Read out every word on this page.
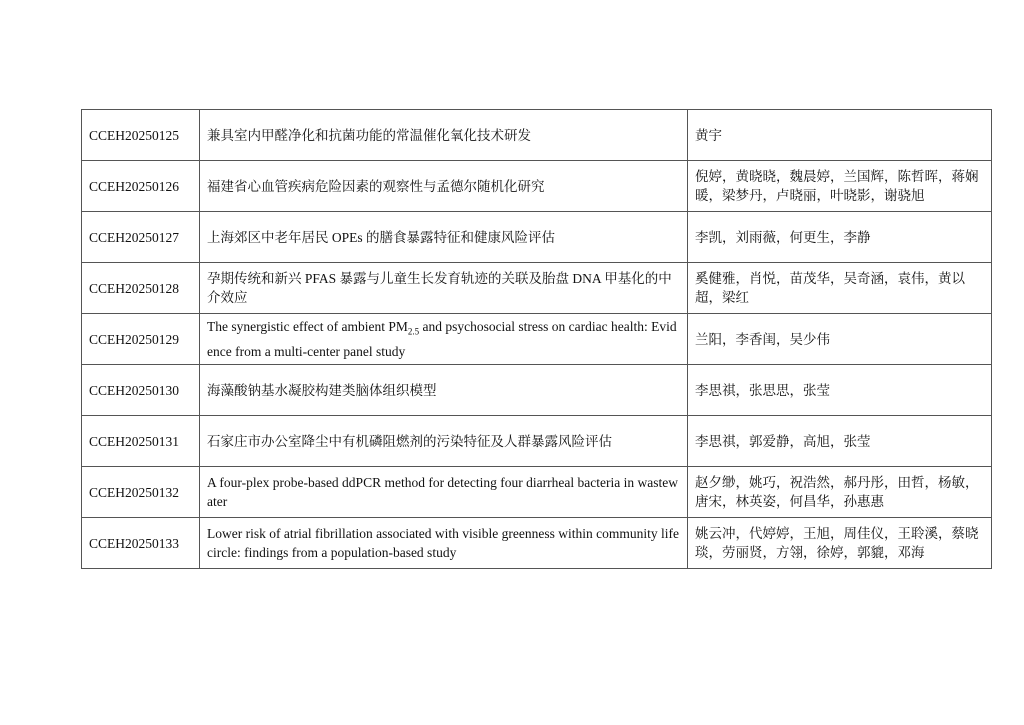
CCEH20250125	兼具室内甲醛净化和抗菌功能的常温催化氧化技术研发	黄宇
CCEH20250126	福建省心血管疾病危险因素的观察性与孟德尔随机化研究	倪婷，黄晓晓，魏晨婷，兰国辉，陈哲晖，蒋娴暖，梁梦丹，卢晓丽，叶晓影，谢骁旭
CCEH20250127	上海郊区中老年居民 OPEs 的膳食暴露特征和健康风险评估	李凯，刘雨薇，何更生，李静
CCEH20250128	孕期传统和新兴 PFAS 暴露与儿童生长发育轨迹的关联及胎盘 DNA 甲基化的中介效应	奚健雅，肖悦，苗茂华，吴奇涵，袁伟，黄以超，梁红
CCEH20250129	The synergistic effect of ambient $PM_{2.5}$ and psychosocial stress on cardiac health: Evidence from a multi-center panel study	兰阳，李香闺，吴少伟
CCEH20250130	海藻酸钠基水凝胶构建类脑体组织模型	李思祺，张思思，张莹
CCEH20250131	石家庄市办公室降尘中有机磷阻燃剂的污染特征及人群暴露风险评估	李思祺，郭爱静，高旭，张莹
CCEH20250132	A four-plex probe-based ddPCR method for detecting four diarrheal bacteria in wastewater	赵夕缈，姚巧，祝浩然，郝丹彤，田哲，杨敏，唐宋，林英姿，何昌华，孙惠惠
CCEH20250133	Lower risk of atrial fibrillation associated with visible greenness within community life circle: findings from a population-based study	姚云冲，代婷婷，王旭，周佳仪，王聆溪，蔡晓琰，劳丽贤，方翎，徐婷，郭貔，邓海
